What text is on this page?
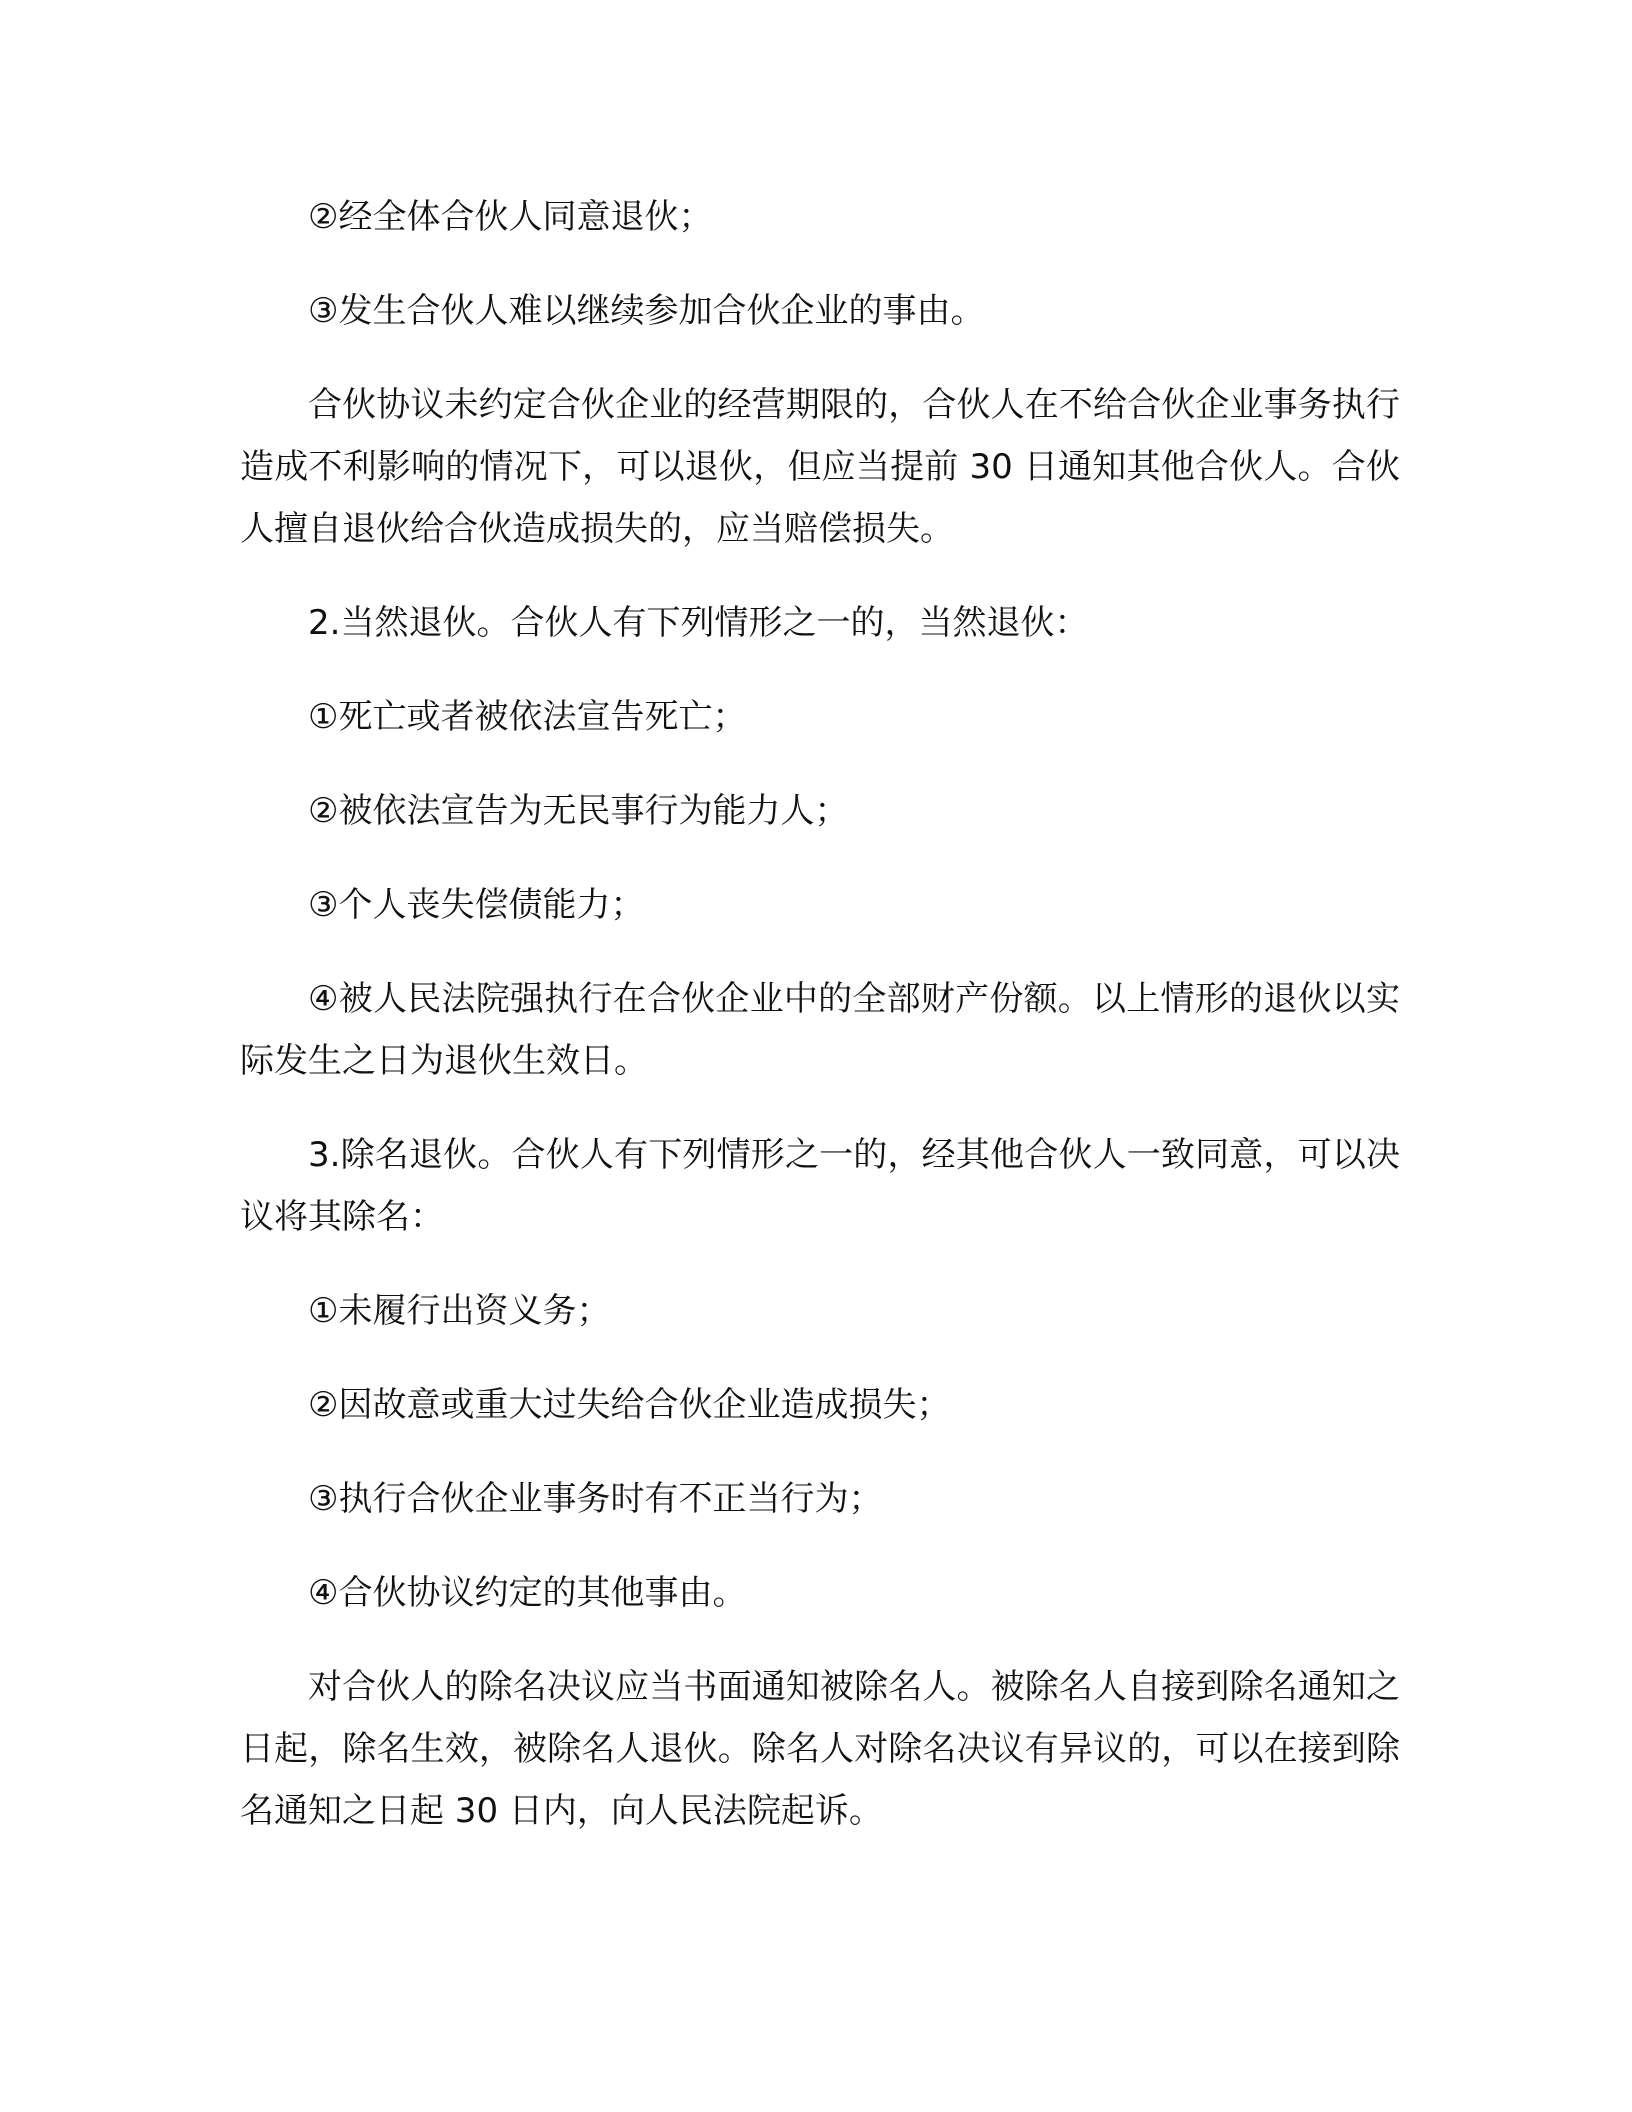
②经全体合伙人同意退伙；

③发生合伙人难以继续参加合伙企业的事由。

合伙协议未约定合伙企业的经营期限的，合伙人在不给合伙企业事务执行造成不利影响的情况下，可以退伙，但应当提前 30 日通知其他合伙人。合伙人擅自退伙给合伙造成损失的，应当赔偿损失。

2.当然退伙。合伙人有下列情形之一的，当然退伙：

①死亡或者被依法宣告死亡；

②被依法宣告为无民事行为能力人；

③个人丧失偿债能力；

④被人民法院强执行在合伙企业中的全部财产份额。以上情形的退伙以实际发生之日为退伙生效日。

3.除名退伙。合伙人有下列情形之一的，经其他合伙人一致同意，可以决议将其除名：

①未履行出资义务；

②因故意或重大过失给合伙企业造成损失；

③执行合伙企业事务时有不正当行为；

④合伙协议约定的其他事由。

对合伙人的除名决议应当书面通知被除名人。被除名人自接到除名通知之日起，除名生效，被除名人退伙。除名人对除名决议有异议的，可以在接到除名通知之日起 30 日内，向人民法院起诉。
